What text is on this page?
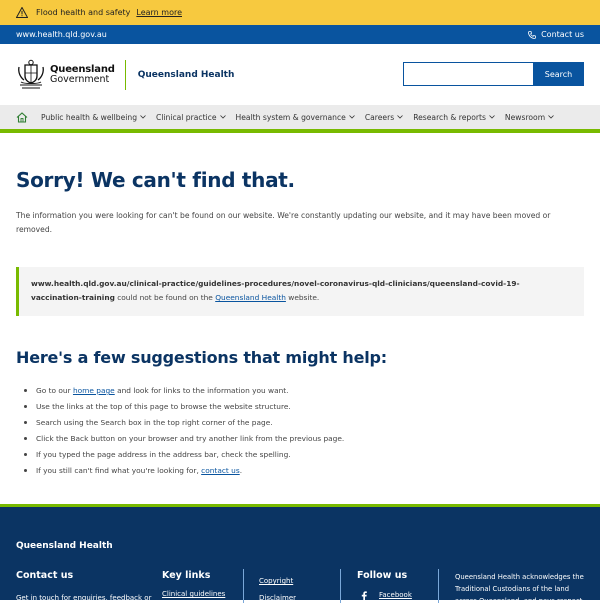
Flood health and safety Learn more
www.health.qld.gov.au	Contact us
Queensland
Government	Queensland Health	Search
Public health & wellbeing	Clinical practice	Health system & governance	Careers	Research & reports	Newsroom
Sorry! We can't find that.

The information you were looking for can't be found on our website. We're constantly updating our website, and it may have been moved or removed.

www.health.qld.gov.au/clinical-practice/guidelines-procedures/novel-coronavirus-qld-clinicians/queensland-covid-19-vaccination-training could not be found on the Queensland Health website.
Here's a few suggestions that might help:
Go to our home page and look for links to the information you want.
Use the links at the top of this page to browse the website structure.
Search using the Search box in the top right corner of the page.
Click the Back button on your browser and try another link from the previous page.
If you typed the page address in the address bar, check the spelling.
If you still can't find what you're looking for, contact us.
Queensland Health
Contact us
Get in touch for enquiries, feedback or
Key links
Clinical guidelines
Copyright
Disclaimer
Follow us
Facebook

Queensland Health acknowledges the Traditional Custodians of the land across Queensland, and pays respect
